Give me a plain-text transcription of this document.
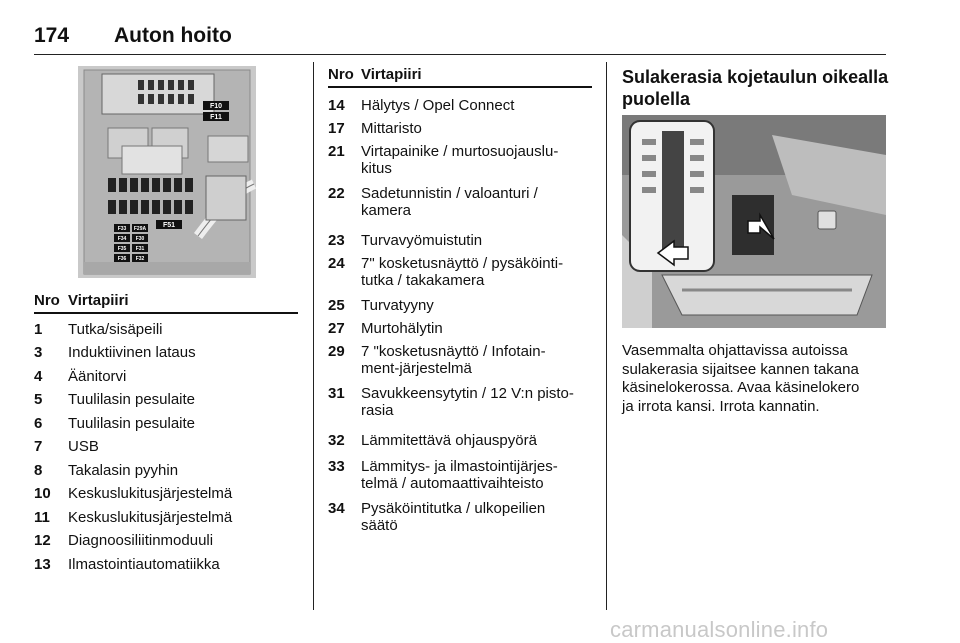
174 Auton hoito
F10
F11
F51
F33 F29A
F34 F30
F35 F31
F36 F32
Nro Virtapiiri
1 Tutka/sisäpeili
3 Induktiivinen lataus
4 Äänitorvi
5 Tuulilasin pesulaite
6 Tuulilasin pesulaite
7 USB
8 Takalasin pyyhin
10 Keskuslukitusjärjestelmä
11 Keskuslukitusjärjestelmä
12 Diagnoosiliitinmoduuli
13 Ilmastointiautomatiikka
Nro Virtapiiri
14 Hälytys / Opel Connect
17 Mittaristo
21 Virtapainike / murtosuojauslu-
kitus
22 Sadetunnistin / valoanturi /
kamera
23 Turvavyömuistutin
24 7" kosketusnäyttö / pysäköinti-
tutka / takakamera
25 Turvatyyny
27 Murtohälytin
29 7 "kosketusnäyttö / Infotain-
ment-järjestelmä
31 Savukkeensytytin / 12 V:n pisto-
rasia
32 Lämmitettävä ohjauspyörä
33 Lämmitys- ja ilmastointijärjes-
telmä / automaattivaihteisto
34 Pysäköintitutka / ulkopeilien
säätö
Sulakerasia kojetaulun oikealla
puolella
Vasemmalta ohjattavissa autoissa
sulakerasia sijaitsee kannen takana
käsinelokerossa. Avaa käsinelokero
ja irrota kansi. Irrota kannatin.
carmanualsonline.info
